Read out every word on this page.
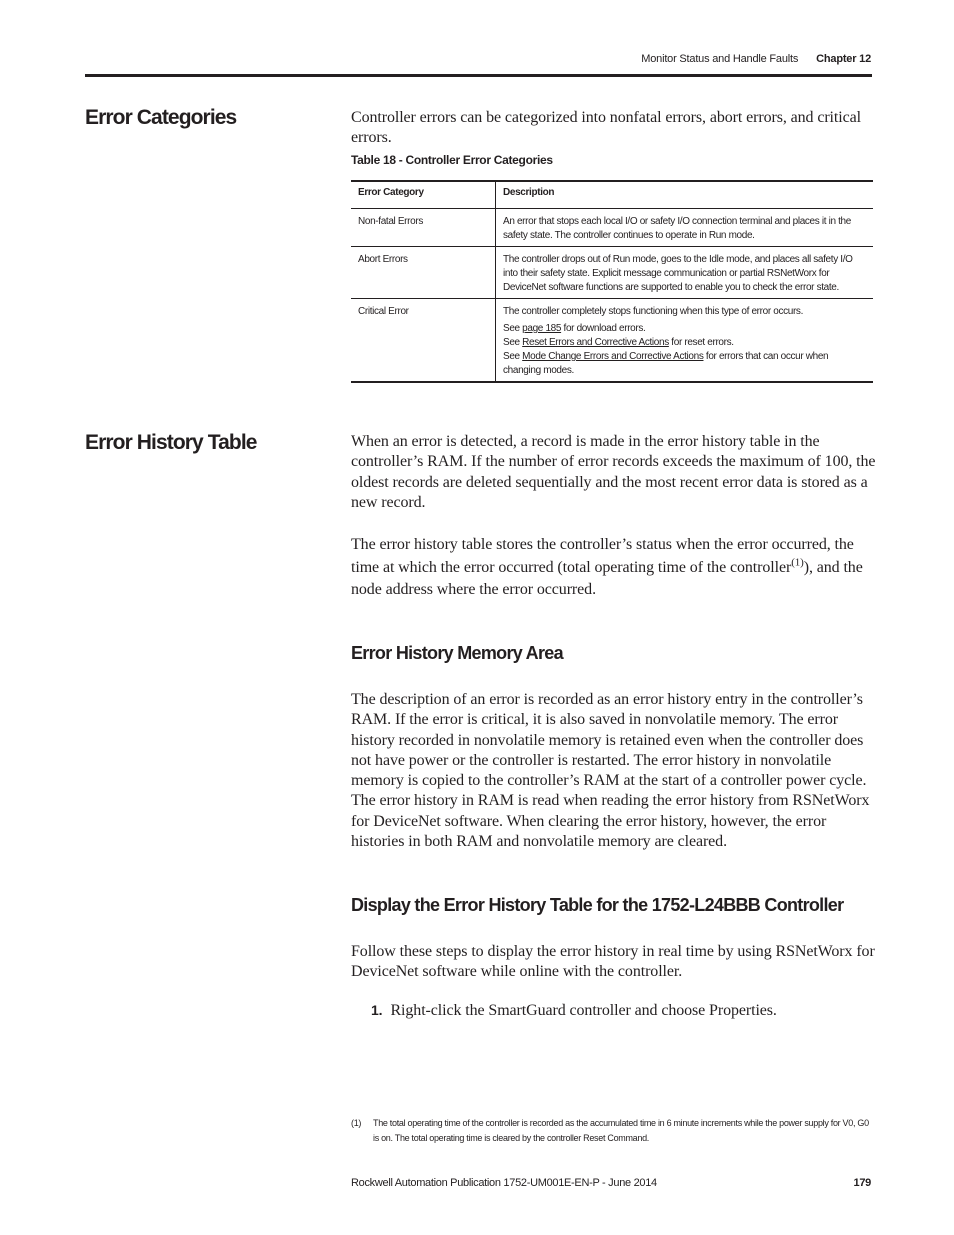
Monitor Status and Handle Faults Chapter 12
Error Categories	Controller errors can be categorized into nonfatal errors, abort errors, and critical errors.
Table 18 - Controller Error Categories
Error Category	Description
Non-fatal Errors	An error that stops each local I/O or safety I/O connection terminal and places it in the safety state. The controller continues to operate in Run mode.
Abort Errors	The controller drops out of Run mode, goes to the Idle mode, and places all safety I/O into their safety state. Explicit message communication or partial RSNetWorx for DeviceNet software functions are supported to enable you to check the error state.
Critical Error	The controller completely stops functioning when this type of error occurs.
See page 185 for download errors.
See Reset Errors and Corrective Actions for reset errors.
See Mode Change Errors and Corrective Actions for errors that can occur when changing modes.
Error History Table	When an error is detected, a record is made in the error history table in the controller’s RAM. If the number of error records exceeds the maximum of 100, the oldest records are deleted sequentially and the most recent error data is stored as a new record.
The error history table stores the controller’s status when the error occurred, the time at which the error occurred (total operating time of the controller$^{(1)}$), and the node address where the error occurred.
Error History Memory Area
The description of an error is recorded as an error history entry in the controller’s RAM. If the error is critical, it is also saved in nonvolatile memory. The error history recorded in nonvolatile memory is retained even when the controller does not have power or the controller is restarted. The error history in nonvolatile memory is copied to the controller’s RAM at the start of a controller power cycle. The error history in RAM is read when reading the error history from RSNetWorx for DeviceNet software. When clearing the error history, however, the error histories in both RAM and nonvolatile memory are cleared.
Display the Error History Table for the 1752-L24BBB Controller
Follow these steps to display the error history in real time by using RSNetWorx for DeviceNet software while online with the controller.
1. Right-click the SmartGuard controller and choose Properties.
(1) The total operating time of the controller is recorded as the accumulated time in 6 minute increments while the power supply for V0, G0 is on. The total operating time is cleared by the controller Reset Command.
Rockwell Automation Publication 1752-UM001E-EN-P - June 2014	179
